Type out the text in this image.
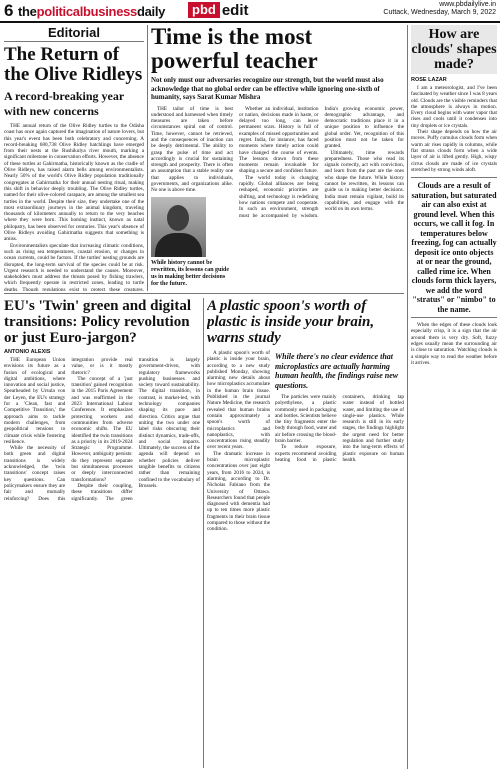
6 thepoliticalbusinessdaily	pbd edit	www.pbdailylive.in
Cuttack, Wednesday, March 9, 2022
Editorial
The Return of the Olive Ridleys
A record-breaking year with new concerns

THE annual return of the Olive Ridley turtles to the Odisha coast has once again captured the imagination of nature lovers, but this year's event has been both celebratory and concerning. A record-breaking 680,738 Olive Ridley hatchlings have emerged from their nests at the Rushikulya river mouth, marking a significant milestone in conservation efforts. However, the absence of these turtles at Gahirmatha, historically known as the cradle of Olive Ridleys, has raised alarm bells among environmentalists. Nearly 50% of the world's Olive Ridley population traditionally congregates at Gahirmatha for their annual nesting ritual, making this shift in behavior deeply troubling. The Olive Ridley turtles, named for their olive-colored carapace, are among the smallest sea turtles in the world. Despite their size, they undertake one of the most extraordinary journeys in the animal kingdom, traveling thousands of kilometers annually to return to the very beaches where they were born. This homing instinct, known as natal philopatry, has been observed for centuries. This year's absence of Olive Ridleys avoiding Gahirmatha suggests that something is amiss.

Environmentalists speculate that increasing climatic conditions, such as rising sea temperatures, coastal erosion, or changes in ocean currents, could be factors. If the turtles' nesting grounds are disrupted, the long-term survival of the species could be at risk. Urgent research is needed to understand the causes. Moreover, stakeholders must address the threats posed by fishing trawlers, which frequently operate in restricted zones, leading to turtle deaths. Though regulations exist to protect these creatures,

Time is the most powerful teacher
Not only must our adversaries recognize our strength, but the world must also acknowledge that no global order can be effective while ignoring one-sixth of humanity, says Sarat Kumar Mishra

THE tailor of time is best understood and harnessed when timely measures are taken before circumstances spiral out of control. Time, however, cannot be retrieved, and the consequences of inaction can be deeply detrimental. The ability to grasp the pulse of time and act accordingly is crucial for sustaining strength and prosperity. There is often an assumption that a stable reality one that applies to individuals, governments, and organizations alike. No one is above time.

While history cannot be rewritten, its lessons can guide us in making better decisions for the future.

Whether an individual, institution or nation, decisions made in haste, or delayed too long, can leave permanent scars. History is full of examples of missed opportunities and regret. India, for instance, has faced moments where timely action could have changed the course of events. The lessons drawn from these moments remain invaluable for shaping a secure and confident future.

The world today is changing rapidly. Global alliances are being reshaped, economic priorities are shifting, and technology is redefining how nations compete and cooperate. In such an environment, strength must be accompanied by wisdom. India's growing economic power, demographic advantage, and democratic traditions place it in a unique position to influence the global order. Yet, recognition of this position must not be taken for granted.

Ultimately, time rewards preparedness. Those who read its signals correctly, act with conviction, and learn from the past are the ones who shape the future. While history cannot be rewritten, its lessons can guide us in making better decisions. India must remain vigilant, build its capabilities, and engage with the world on its own terms.

How are clouds' shapes made?
ROSE LAZAR

I am a meteorologist, and I've been fascinated by weather since I was 8 years old. Clouds are the visible reminders that the atmosphere is always in motion. Every cloud begins with water vapor that rises and cools until it condenses into tiny droplets or ice crystals.

Their shape depends on how the air moves. Puffy cumulus clouds form when warm air rises rapidly in columns, while flat stratus clouds form when a wide layer of air is lifted gently. High, wispy cirrus clouds are made of ice crystals stretched by strong winds aloft.

Clouds are a result of saturation, but saturated air can also exist at ground level. When this occurs, we call it fog. In temperatures below freezing, fog can actually deposit ice onto objects at or near the ground, called rime ice. When clouds form thick layers, we add the word "stratus" or "nimbo" to the name.

When the edges of these clouds look especially crisp, it is a sign that the air around them is very dry. Soft, fuzzy edges usually mean the surrounding air is close to saturation. Watching clouds is a simple way to read the weather before it arrives.

EU's 'Twin' green and digital transitions: Policy revolution or just Euro-jargon?
ANTONIO ALEXIS

THE European Union envisions its future as a fusion of ecological and digital ambitions, where innovation and social justice, Spearheaded by Ursula von der Leyen, the EU's strategy for a 'Clean, fast and Competitive Transition,' the approach aims to tackle modern challenges, from geopolitical tensions to climate crisis while fostering resilience.

While the necessity of both green and digital transitions is widely acknowledged, the 'twin transitions' concept raises key questions. Can policymakers ensure they are fair and mutually reinforcing? Does this integration provide real value, or is it mostly rhetoric?

The concept of a 'just transition' gained recognition in the 2015 Paris Agreement and was reaffirmed in the 2023 International Labour Conference. It emphasizes protecting workers and communities from adverse economic shifts. The EU identified the twin transitions as a priority in its 2019-2024 Strategic Programme. However, ambiguity persists: do they represent separate but simultaneous processes or deeply interconnected transformations?

Despite their coupling, these transitions differ significantly. The green transition is largely government-driven, with regulatory frameworks pushing businesses and society toward sustainability. The digital transition, in contrast, is market-led, with technology companies shaping its pace and direction. Critics argue that uniting the two under one label risks obscuring their distinct dynamics, trade-offs, and social impacts. Ultimately, the success of the agenda will depend on whether policies deliver tangible benefits to citizens rather than remaining confined to the vocabulary of Brussels.

A plastic spoon's worth of plastic is inside your brain, warns study

A plastic spoon's worth of plastic is inside your brain, according to a new study published Monday, showing alarming new details about how microplastics accumulate in the human brain tissue. Published in the journal Nature Medicine, the research revealed that human brains contain approximately a spoon's worth of microplastics and nanoplastics, with concentrations rising steadily over recent years.

The dramatic increase in brain microplastic concentrations over just eight years, from 2016 to 2024, is alarming, according to Dr. Nicholas Fabiano from the University of Ottawa. Researchers found that people diagnosed with dementia had up to ten times more plastic fragments in their brain tissue compared to those without the condition.

While there's no clear evidence that microplastics are actually harming human health, the findings raise new questions.

The particles were mainly polyethylene, a plastic commonly used in packaging and bottles. Scientists believe the tiny fragments enter the body through food, water and air before crossing the blood-brain barrier.

To reduce exposure, experts recommend avoiding heating food in plastic containers, drinking tap water instead of bottled water, and limiting the use of single-use plastics. While research is still in its early stages, the findings highlight the urgent need for better regulation and further study into the long-term effects of plastic exposure on human health.
